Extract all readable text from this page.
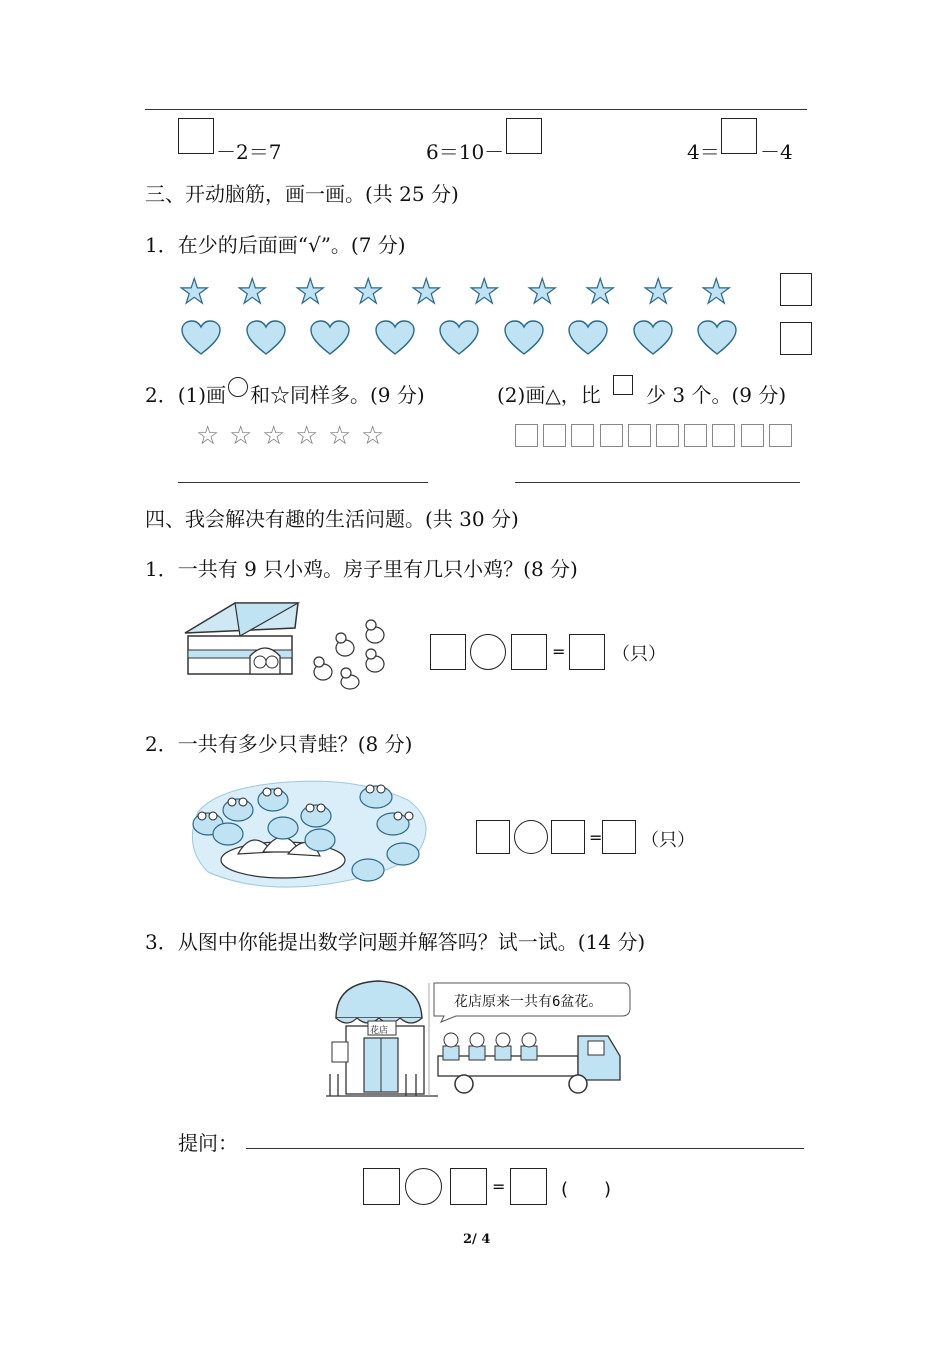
－2＝7	6＝10－	4＝ －4
三、开动脑筋，画一画。(共 25 分)
1．在少的后面画“√”。(7 分)
★ ★ ★ ★ ★ ★ ★ ★ ★ ★
2．(1)画 和☆同样多。(9 分)	(2)画△，比 少 3 个。(9 分)
☆ ☆ ☆ ☆ ☆ ☆
四、我会解决有趣的生活问题。(共 30 分)
1．一共有 9 只小鸡。房子里有几只小鸡？(8 分)
=	（只）
2．一共有多少只青蛙？(8 分)
= （只）
3．从图中你能提出数学问题并解答吗？试一试。(14 分)
花店原来一共有6盆花。
花店
提问：
=	(　　)
2/ 4
